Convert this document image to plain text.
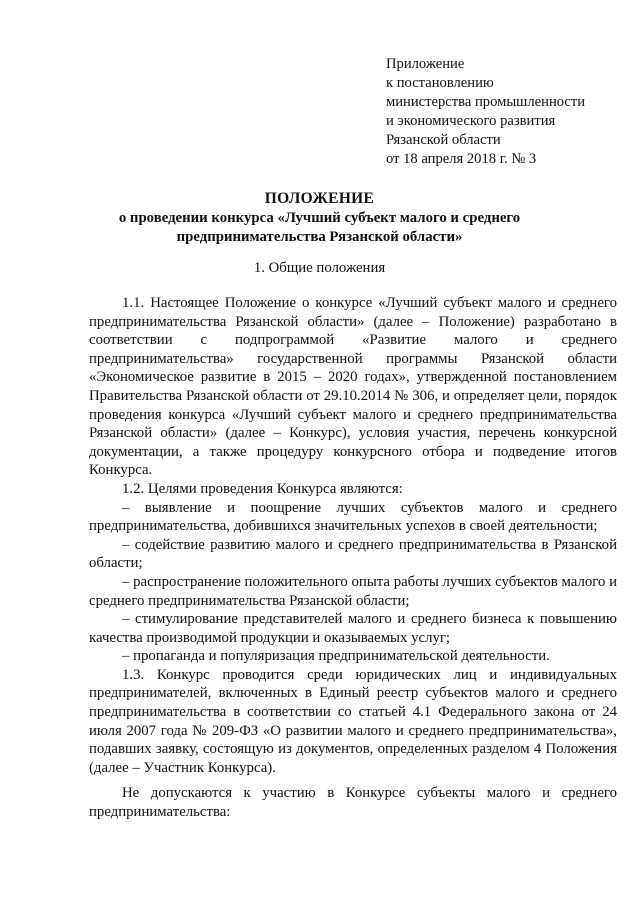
Приложение
к постановлению
министерства промышленности
и экономического развития
Рязанской области
от 18 апреля 2018 г. № 3
ПОЛОЖЕНИЕ
о проведении конкурса «Лучший субъект малого и среднего
предпринимательства Рязанской области»
1. Общие положения

1.1. Настоящее Положение о конкурсе «Лучший субъект малого и среднего предпринимательства Рязанской области» (далее – Положение) разработано в соответствии с подпрограммой «Развитие малого и среднего предпринимательства» государственной программы Рязанской области «Экономическое развитие в 2015 – 2020 годах», утвержденной постановлением Правительства Рязанской области от 29.10.2014 № 306, и определяет цели, порядок проведения конкурса «Лучший субъект малого и среднего предпринимательства Рязанской области» (далее – Конкурс), условия участия, перечень конкурсной документации, а также процедуру конкурсного отбора и подведение итогов Конкурса.

1.2. Целями проведения Конкурса являются:

– выявление и поощрение лучших субъектов малого и среднего предпринимательства, добившихся значительных успехов в своей деятельности;

– содействие развитию малого и среднего предпринимательства в Рязанской области;

– распространение положительного опыта работы лучших субъектов малого и среднего предпринимательства Рязанской области;

– стимулирование представителей малого и среднего бизнеса к повышению качества производимой продукции и оказываемых услуг;

– пропаганда и популяризация предпринимательской деятельности.

1.3. Конкурс проводится среди юридических лиц и индивидуальных предпринимателей, включенных в Единый реестр субъектов малого и среднего предпринимательства в соответствии со статьей 4.1 Федерального закона от 24 июля 2007 года № 209-ФЗ «О развитии малого и среднего предпринимательства», подавших заявку, состоящую из документов, определенных разделом 4 Положения (далее – Участник Конкурса).

Не допускаются к участию в Конкурсе субъекты малого и среднего предпринимательства:
